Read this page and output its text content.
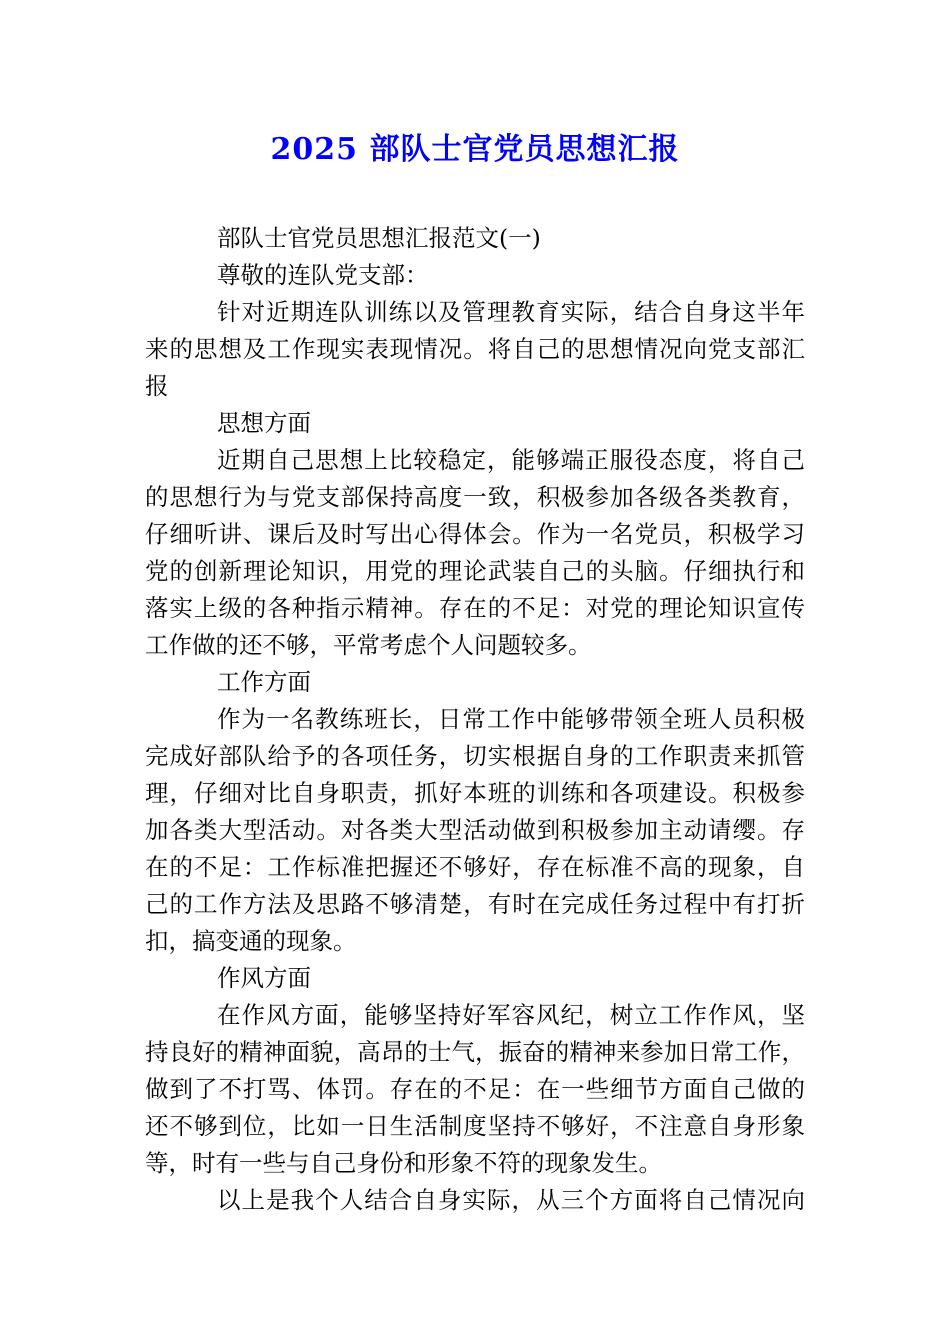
2025 部队士官党员思想汇报
部队士官党员思想汇报范文(一)
尊敬的连队党支部：
针对近期连队训练以及管理教育实际，结合自身这半年
来的思想及工作现实表现情况。将自己的思想情况向党支部汇
报
思想方面
近期自己思想上比较稳定，能够端正服役态度，将自己
的思想行为与党支部保持高度一致，积极参加各级各类教育，
仔细听讲、课后及时写出心得体会。作为一名党员，积极学习
党的创新理论知识，用党的理论武装自己的头脑。仔细执行和
落实上级的各种指示精神。存在的不足：对党的理论知识宣传
工作做的还不够，平常考虑个人问题较多。
工作方面
作为一名教练班长，日常工作中能够带领全班人员积极
完成好部队给予的各项任务，切实根据自身的工作职责来抓管
理，仔细对比自身职责，抓好本班的训练和各项建设。积极参
加各类大型活动。对各类大型活动做到积极参加主动请缨。存
在的不足：工作标准把握还不够好，存在标准不高的现象，自
己的工作方法及思路不够清楚，有时在完成任务过程中有打折
扣，搞变通的现象。
作风方面
在作风方面，能够坚持好军容风纪，树立工作作风，坚
持良好的精神面貌，高昂的士气，振奋的精神来参加日常工作，
做到了不打骂、体罚。存在的不足：在一些细节方面自己做的
还不够到位，比如一日生活制度坚持不够好，不注意自身形象
等，时有一些与自己身份和形象不符的现象发生。
以上是我个人结合自身实际，从三个方面将自己情况向
